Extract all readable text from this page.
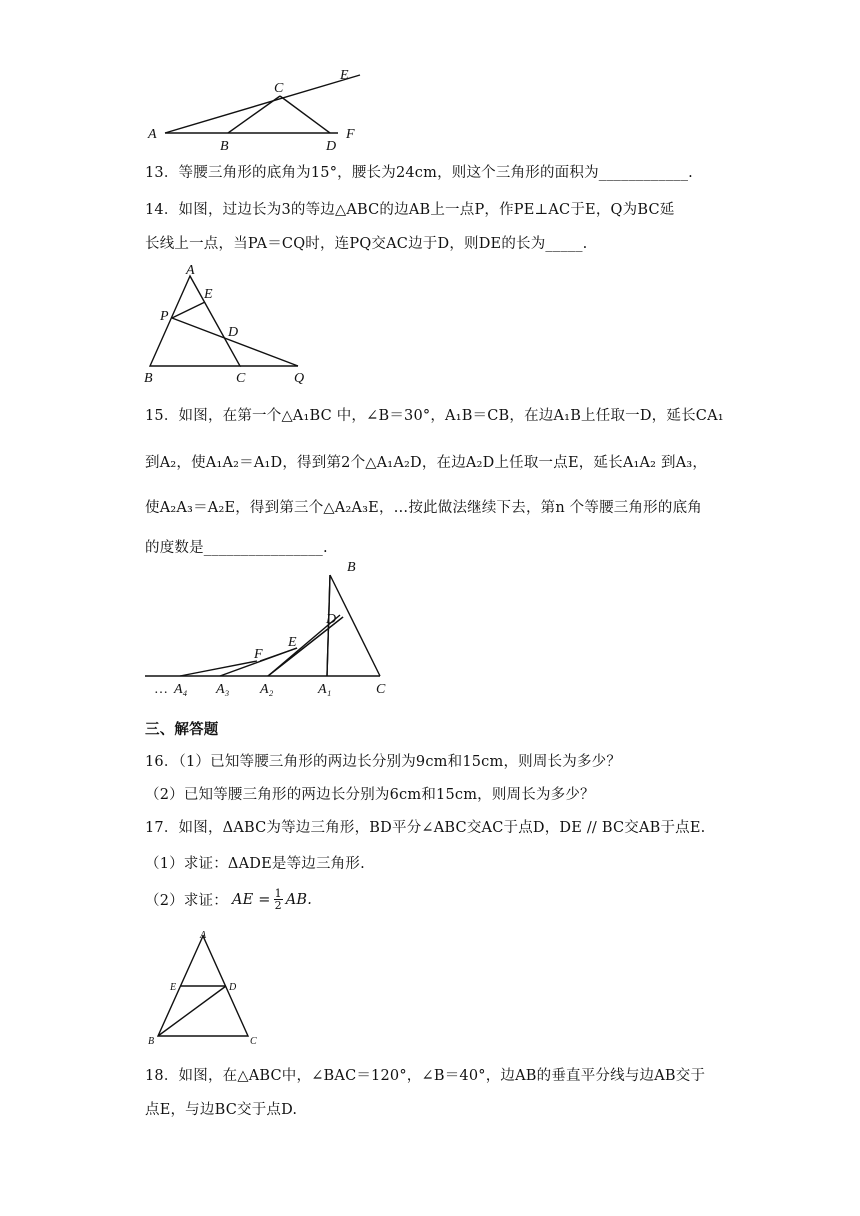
A
B
C
D
E
F
13．等腰三角形的底角为15°，腰长为24cm，则这个三角形的面积为____________.
14．如图，过边长为3的等边△ABC的边AB上一点P，作PE⊥AC于E，Q为BC延
长线上一点，当PA＝CQ时，连PQ交AC边于D，则DE的长为_____.
A
E
P
D
B	C	Q
15．如图，在第一个△A₁BC 中，∠B＝30°，A₁B＝CB，在边A₁B上任取一D，延长CA₁
到A₂，使A₁A₂＝A₁D，得到第2个△A₁A₂D，在边A₂D上任取一点E，延长A₁A₂ 到A₃，
使A₂A₃＝A₂E，得到第三个△A₂A₃E，…按此做法继续下去，第n 个等腰三角形的底角
的度数是________________.
B
D
E
F
… A₄ A₃ A₂	A₁	C
三、解答题
16．（1）已知等腰三角形的两边长分别为9cm和15cm，则周长为多少？
（2）已知等腰三角形的两边长分别为6cm和15cm，则周长为多少？
17．如图，ΔABC为等边三角形，BD平分∠ABC交AC于点D，DE // BC交AB于点E.
（1）求证：ΔADE是等边三角形.
（2）求证： AE = $\frac{1}{2}$ AB.
A
E	D
B	C
18．如图，在△ABC中，∠BAC＝120°，∠B＝40°，边AB的垂直平分线与边AB交于
点E，与边BC交于点D.
